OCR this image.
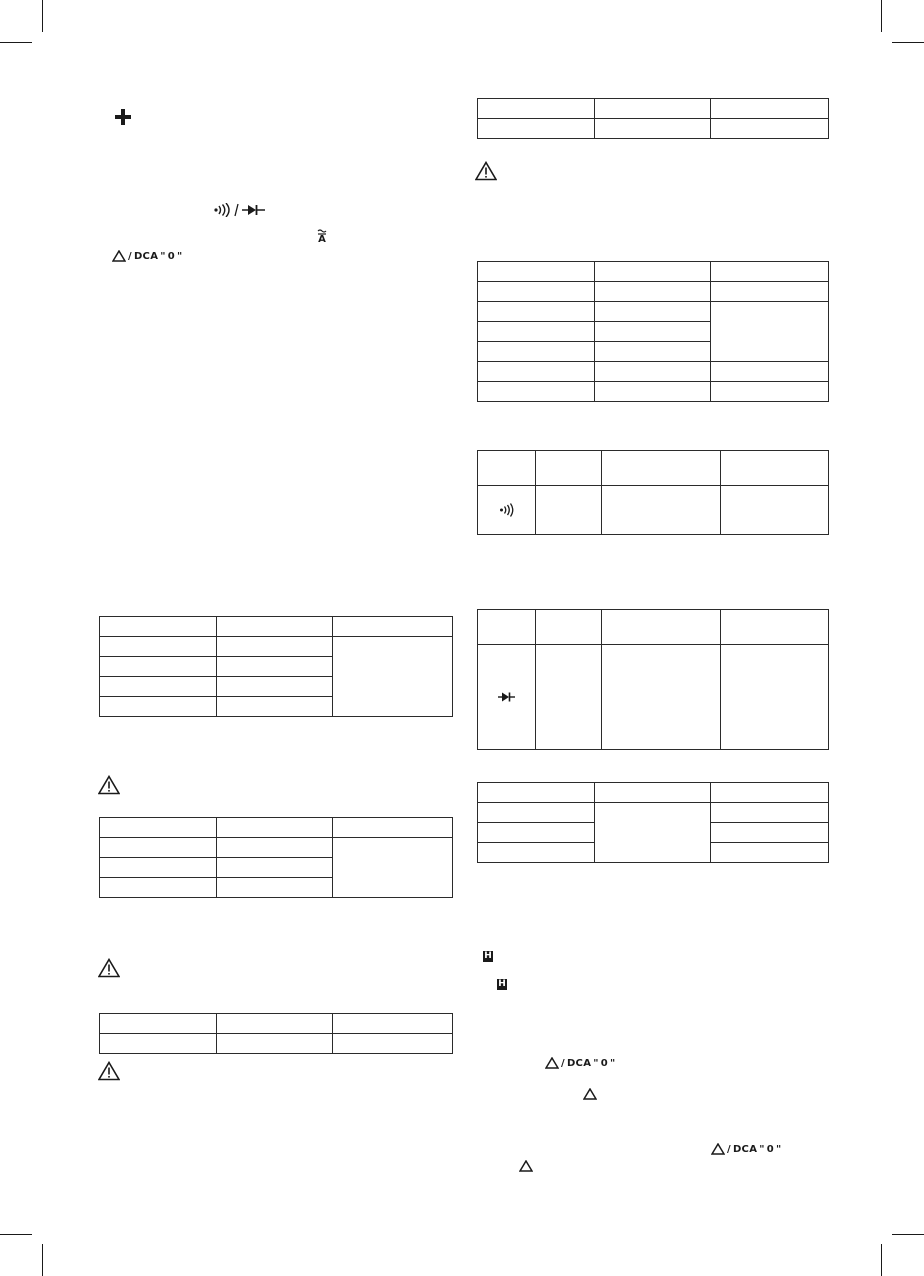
A
/ DCA " 0 "

H
H
/ DCA " 0 "
/ DCA " 0 "
